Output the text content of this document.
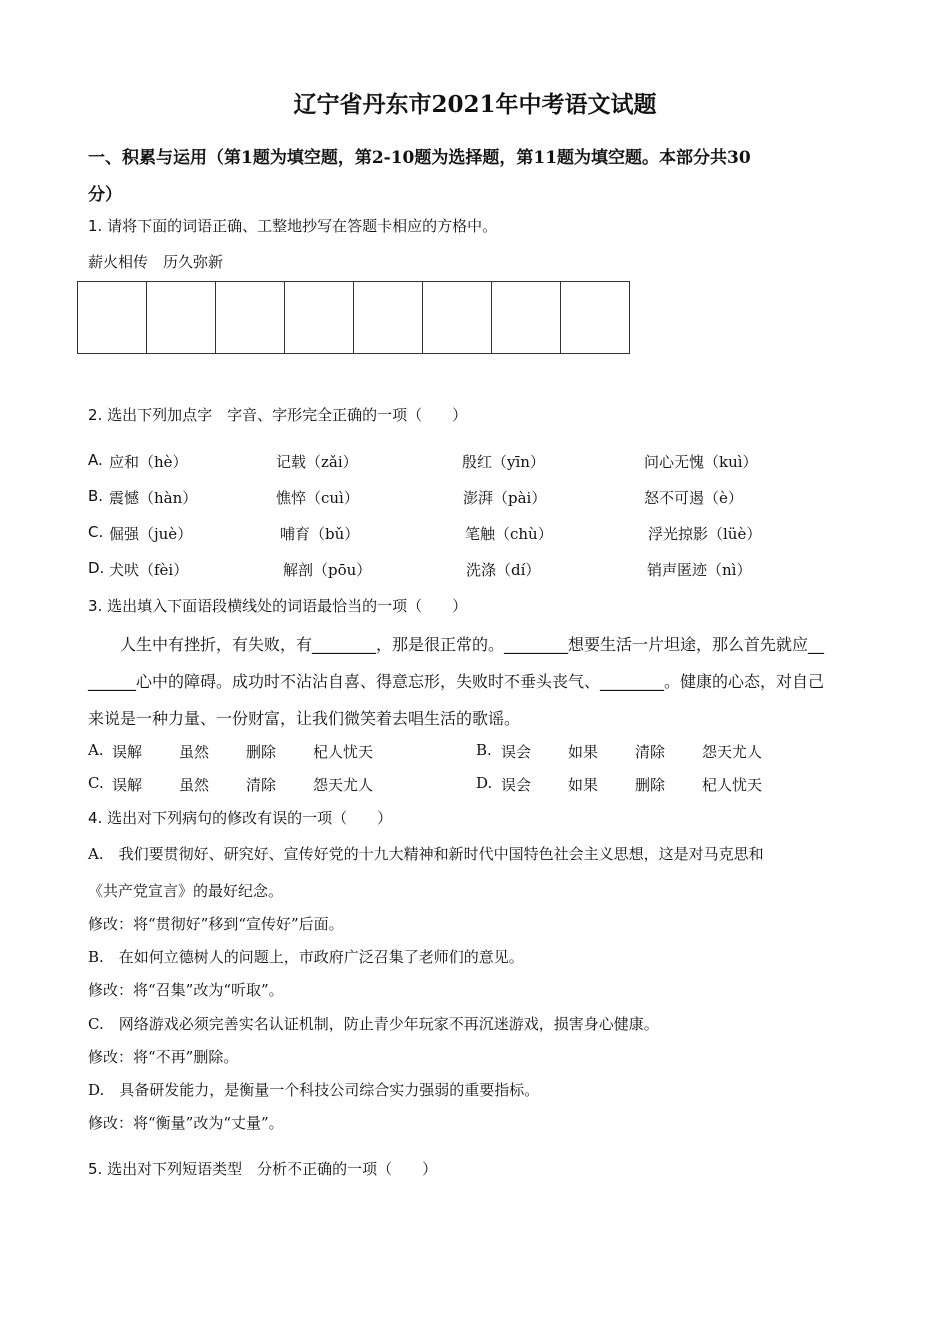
辽宁省丹东市2021年中考语文试题
一、积累与运用（第1题为填空题，第2-10题为选择题，第11题为填空题。本部分共30
分）
1. 请将下面的词语正确、工整地抄写在答题卡相应的方格中。
薪火相传　历久弥新
2. 选出下列加点字　字音、字形完全正确的一项（　　）
A. 应和（hè）	记载（zǎi）	殷红（yīn）	问心无愧（kuì）
B. 震憾（hàn）	憔悴（cuì）	澎湃（pài）	怒不可遏（è）
C. 倔强（juè）	哺育（bǔ）	笔触（chù）	浮光掠影（lüè）
D. 犬吠（fèi）	解剖（pōu）	洗涤（dí）	销声匿迹（nì）
3. 选出填入下面语段横线处的词语最恰当的一项（　　）
人生中有挫折，有失败，有________，那是很正常的。________想要生活一片坦途，那么首先就应__
______心中的障碍。成功时不沾沾自喜、得意忘形，失败时不垂头丧气、________。健康的心态，对自己
来说是一种力量、一份财富，让我们微笑着去唱生活的歌谣。
A. 误解 虽然 删除 杞人忧天	B. 误会 如果 清除 怨天尤人
C. 误解 虽然 清除 怨天尤人	D. 误会 如果 删除 杞人忧天
4. 选出对下列病句的修改有误的一项（　　）
A.　我们要贯彻好、研究好、宣传好党的十九大精神和新时代中国特色社会主义思想，这是对马克思和
《共产党宣言》的最好纪念。
修改：将“贯彻好”移到“宣传好”后面。
B.　在如何立德树人的问题上，市政府广泛召集了老师们的意见。
修改：将“召集”改为“听取”。
C.　网络游戏必须完善实名认证机制，防止青少年玩家不再沉迷游戏，损害身心健康。
修改：将“不再”删除。
D.　具备研发能力，是衡量一个科技公司综合实力强弱的重要指标。
修改：将“衡量”改为“丈量”。
5. 选出对下列短语类型　分析不正确的一项（　　）
